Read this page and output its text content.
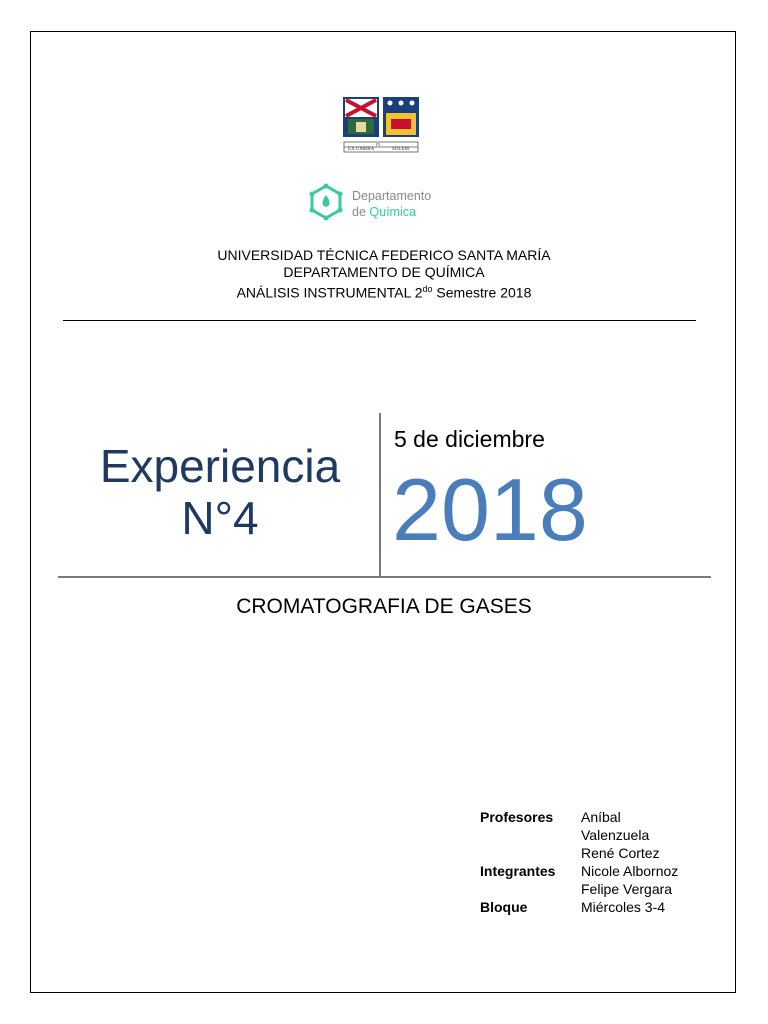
EX UMBRA
IN
SOLEM
Departamento
de Química
UNIVERSIDAD TÉCNICA FEDERICO SANTA MARÍA
DEPARTAMENTO DE QUÍMICA
ANÁLISIS INSTRUMENTAL $2^{do}$ Semestre 2018
Experiencia
N°4
5 de diciembre
2018
CROMATOGRAFIA DE GASES
Profesores	Aníbal
	Valenzuela
	René Cortez
Integrantes	Nicole Albornoz
	Felipe Vergara
Bloque	Miércoles 3-4
